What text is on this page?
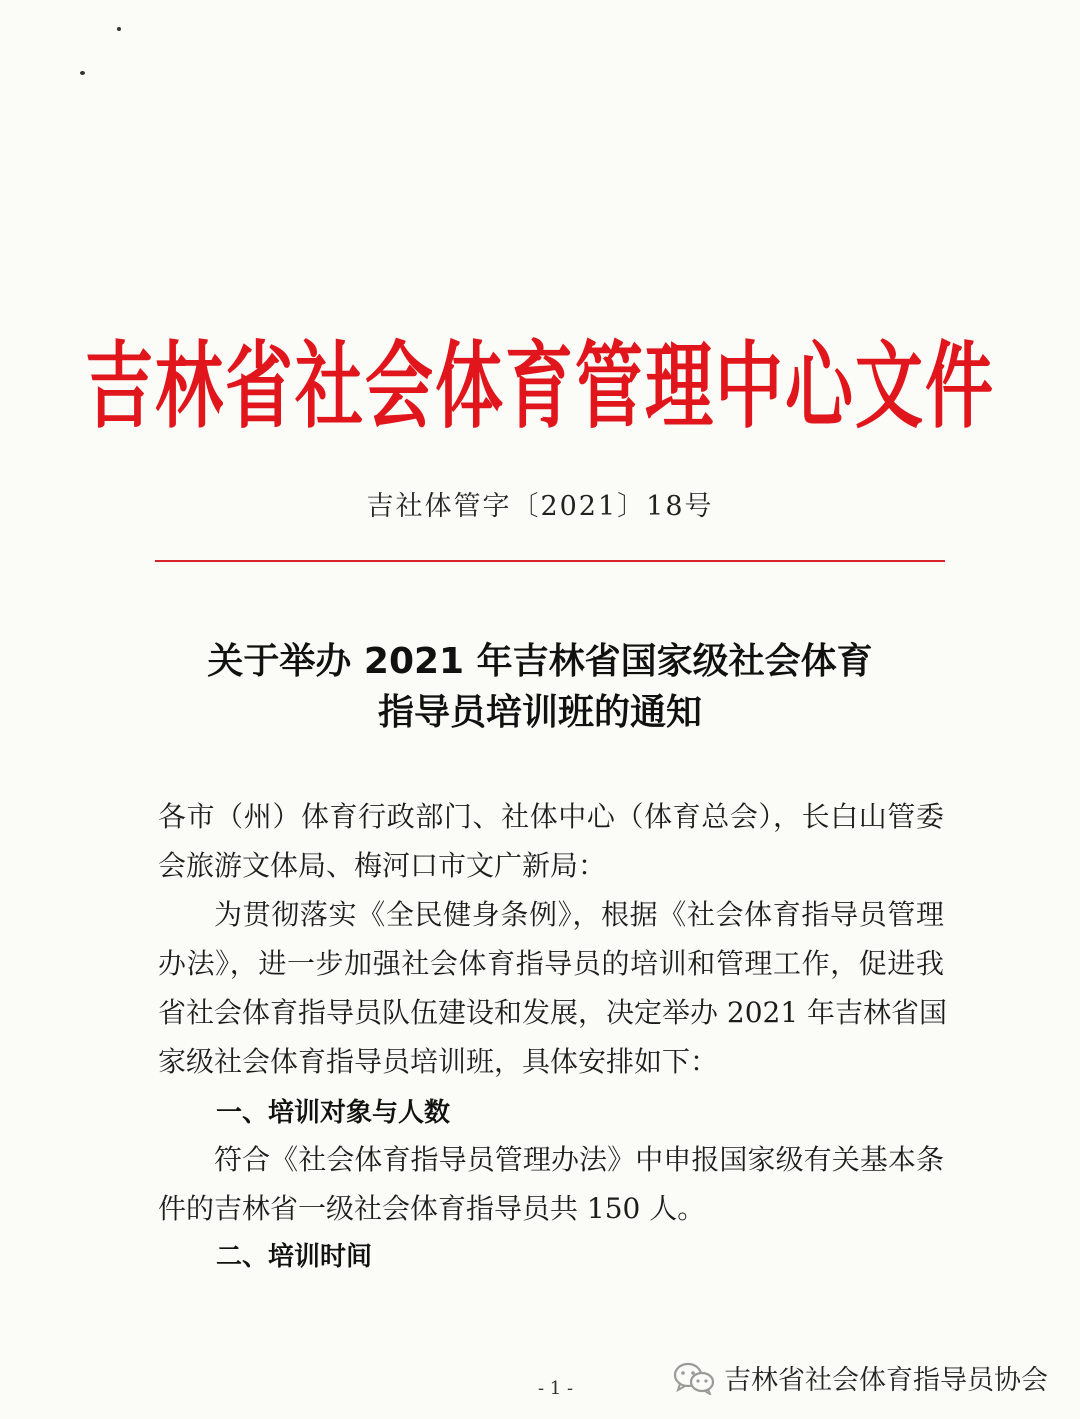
吉林省社会体育管理中心文件
吉社体管字〔2021〕18号
关于举办 2021 年吉林省国家级社会体育
指导员培训班的通知
各市（州）体育行政部门、社体中心（体育总会），长白山管委
会旅游文体局、梅河口市文广新局：
为贯彻落实《全民健身条例》，根据《社会体育指导员管理
办法》，进一步加强社会体育指导员的培训和管理工作，促进我
省社会体育指导员队伍建设和发展，决定举办 2021 年吉林省国
家级社会体育指导员培训班，具体安排如下：
一、培训对象与人数
符合《社会体育指导员管理办法》中申报国家级有关基本条
件的吉林省一级社会体育指导员共 150 人。
二、培训时间
- 1 -	吉林省社会体育指导员协会
